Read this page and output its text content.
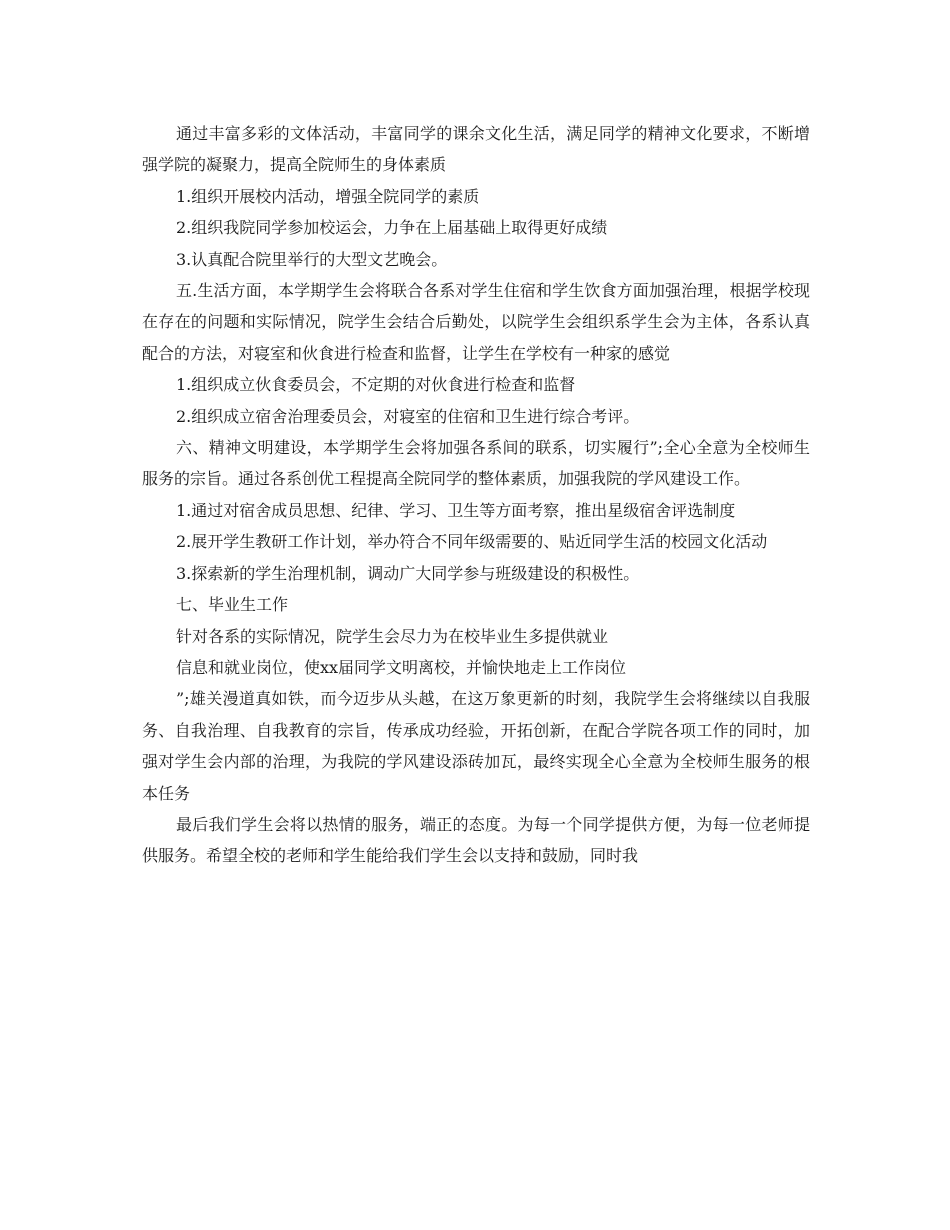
通过丰富多彩的文体活动，丰富同学的课余文化生活，满足同学的精神文化要求，不断增强学院的凝聚力，提高全院师生的身体素质

1.组织开展校内活动，增强全院同学的素质

2.组织我院同学参加校运会，力争在上届基础上取得更好成绩

3.认真配合院里举行的大型文艺晚会。

五.生活方面，本学期学生会将联合各系对学生住宿和学生饮食方面加强治理，根据学校现在存在的问题和实际情况，院学生会结合后勤处，以院学生会组织系学生会为主体，各系认真配合的方法，对寝室和伙食进行检查和监督，让学生在学校有一种家的感觉

1.组织成立伙食委员会，不定期的对伙食进行检查和监督

2.组织成立宿舍治理委员会，对寝室的住宿和卫生进行综合考评。

六、精神文明建设，本学期学生会将加强各系间的联系，切实履行”;全心全意为全校师生服务的宗旨。通过各系创优工程提高全院同学的整体素质，加强我院的学风建设工作。

1.通过对宿舍成员思想、纪律、学习、卫生等方面考察，推出星级宿舍评选制度

2.展开学生教研工作计划，举办符合不同年级需要的、贴近同学生活的校园文化活动

3.探索新的学生治理机制，调动广大同学参与班级建设的积极性。

七、毕业生工作

针对各系的实际情况，院学生会尽力为在校毕业生多提供就业

信息和就业岗位，使xx届同学文明离校，并愉快地走上工作岗位

”;雄关漫道真如铁，而今迈步从头越，在这万象更新的时刻，我院学生会将继续以自我服务、自我治理、自我教育的宗旨，传承成功经验，开拓创新，在配合学院各项工作的同时，加强对学生会内部的治理，为我院的学风建设添砖加瓦，最终实现全心全意为全校师生服务的根本任务

最后我们学生会将以热情的服务，端正的态度。为每一个同学提供方便，为每一位老师提供服务。希望全校的老师和学生能给我们学生会以支持和鼓励，同时我
